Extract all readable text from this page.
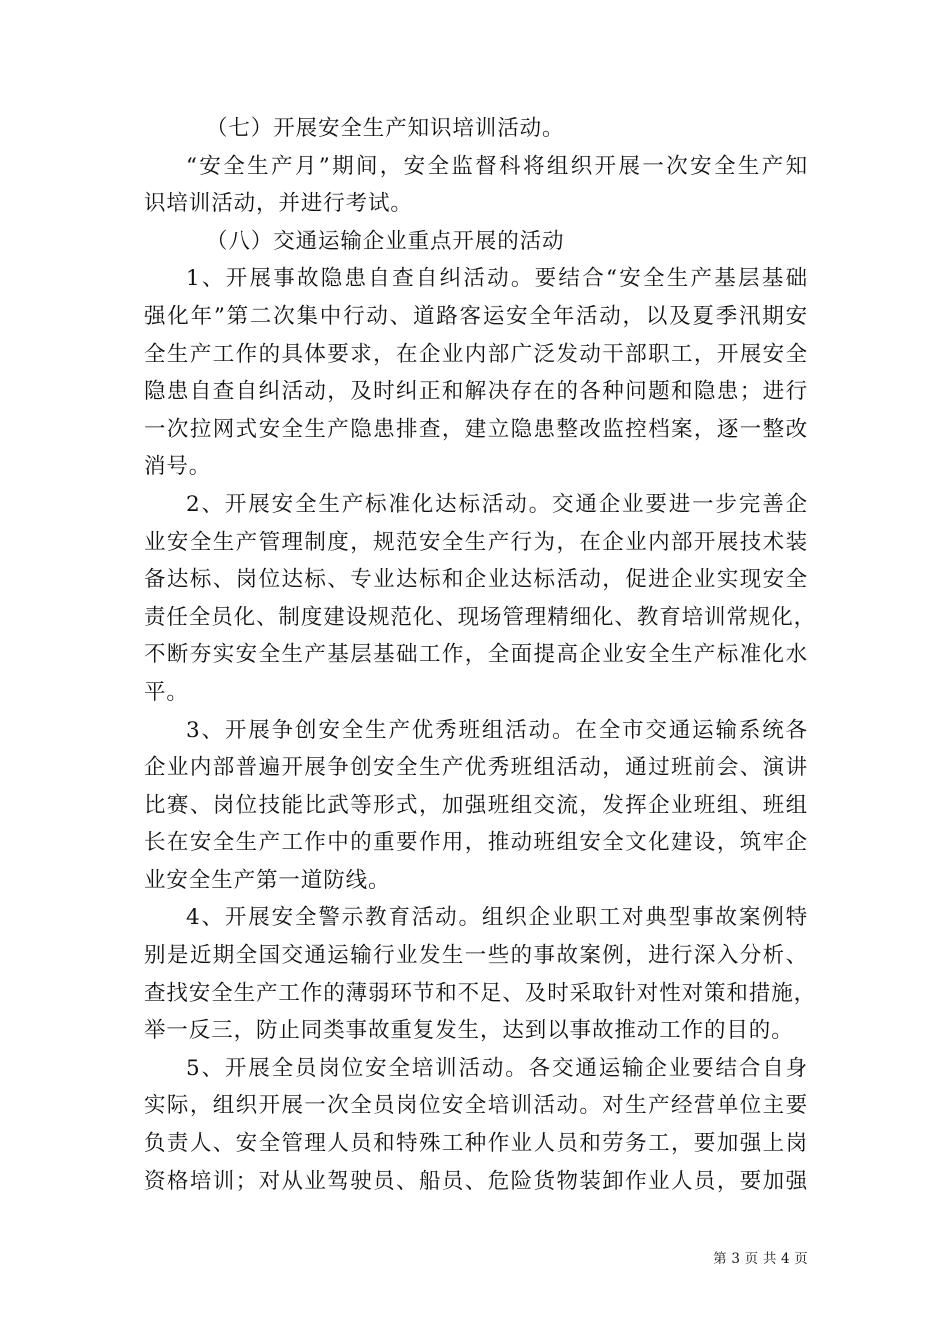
（七）开展安全生产知识培训活动。
“安全生产月”期间，安全监督科将组织开展一次安全生产知
识培训活动，并进行考试。
（八）交通运输企业重点开展的活动
1、开展事故隐患自查自纠活动。要结合“安全生产基层基础
强化年”第二次集中行动、道路客运安全年活动，以及夏季汛期安
全生产工作的具体要求，在企业内部广泛发动干部职工，开展安全
隐患自查自纠活动，及时纠正和解决存在的各种问题和隐患；进行
一次拉网式安全生产隐患排查，建立隐患整改监控档案，逐一整改
消号。
2、开展安全生产标准化达标活动。交通企业要进一步完善企
业安全生产管理制度，规范安全生产行为，在企业内部开展技术装
备达标、岗位达标、专业达标和企业达标活动，促进企业实现安全
责任全员化、制度建设规范化、现场管理精细化、教育培训常规化，
不断夯实安全生产基层基础工作，全面提高企业安全生产标准化水
平。
3、开展争创安全生产优秀班组活动。在全市交通运输系统各
企业内部普遍开展争创安全生产优秀班组活动，通过班前会、演讲
比赛、岗位技能比武等形式，加强班组交流，发挥企业班组、班组
长在安全生产工作中的重要作用，推动班组安全文化建设，筑牢企
业安全生产第一道防线。
4、开展安全警示教育活动。组织企业职工对典型事故案例特
别是近期全国交通运输行业发生一些的事故案例，进行深入分析、
查找安全生产工作的薄弱环节和不足、及时采取针对性对策和措施，
举一反三，防止同类事故重复发生，达到以事故推动工作的目的。
5、开展全员岗位安全培训活动。各交通运输企业要结合自身
实际，组织开展一次全员岗位安全培训活动。对生产经营单位主要
负责人、安全管理人员和特殊工种作业人员和劳务工，要加强上岗
资格培训；对从业驾驶员、船员、危险货物装卸作业人员，要加强
第 3 页 共 4 页
